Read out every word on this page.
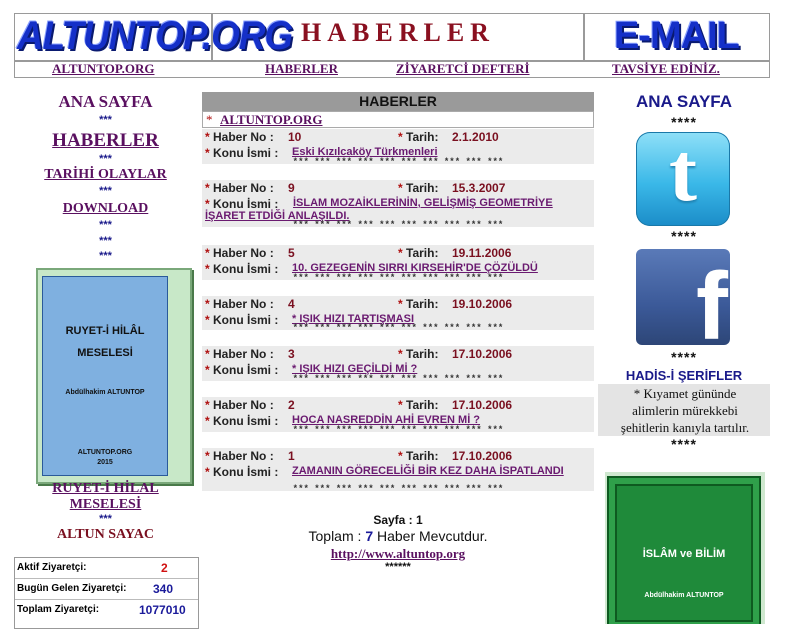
ALTUNTOP.ORG HABERLER	E-MAIL
ALTUNTOP.ORG	HABERLER	ZİYARETCİ DEFTERİ	TAVSİYE EDİNİZ.
ANA SAYFA
***
HABERLER
***
TARİHİ OLAYLAR
***
DOWNLOAD
***
***
***
RUYET-İ HİLÂL
MESELESİ
Abdülhakim ALTUNTOP
ALTUNTOP.ORG
2015
RUYET-İ HİLAL
MESELESİ
***
ALTUN SAYAC
Aktif Ziyaretçi:	2
Bugün Gelen Ziyaretçi: 340
Toplam Ziyaretçi:	1077010
HABERLER
* ALTUNTOP.ORG
* Haber No : 10	* Tarih: 2.1.2010
* Konu İsmi : Eski Kızılcaköy Türkmenleri
*** *** *** *** *** *** *** *** *** ***
* Haber No : 9	* Tarih: 15.3.2007
* Konu İsmi :	İSLAM MOZAİKLERİNİN, GELİŞMİŞ GEOMETRİYE İŞARET ETDİĞİ ANLAŞILDI.
*** *** *** *** *** *** *** *** *** ***
* Haber No : 5	* Tarih: 19.11.2006
* Konu İsmi : 10. GEZEGENİN SIRRI KIRSEHİR'DE ÇÖZÜLDÜ
*** *** *** *** *** *** *** *** *** ***
* Haber No : 4	* Tarih: 19.10.2006
* Konu İsmi : * IŞIK HIZI TARTIŞMASI
*** *** *** *** *** *** *** *** *** ***
* Haber No : 3	* Tarih: 17.10.2006
* Konu İsmi : * IŞIK HIZI GEÇİLDİ Mİ ?
*** *** *** *** *** *** *** *** *** ***
* Haber No : 2	* Tarih: 17.10.2006
* Konu İsmi : HOCA NASREDDİN AHİ EVREN Mİ ?
*** *** *** *** *** *** *** *** *** ***
* Haber No : 1	* Tarih: 17.10.2006
* Konu İsmi : ZAMANIN GÖRECELİĞİ BİR KEZ DAHA İSPATLANDI
*** *** *** *** *** *** *** *** *** ***
Sayfa : 1
Toplam : 7 Haber Mevcutdur.
http://www.altuntop.org
******
ANA SAYFA
****
t
****
f
****
HADİS-İ ŞERİFLER
* Kıyamet gününde alimlerin mürekkebi şehitlerin kanıyla tartılır.
****
İSLÂM ve BİLİM
Abdülhakim ALTUNTOP
